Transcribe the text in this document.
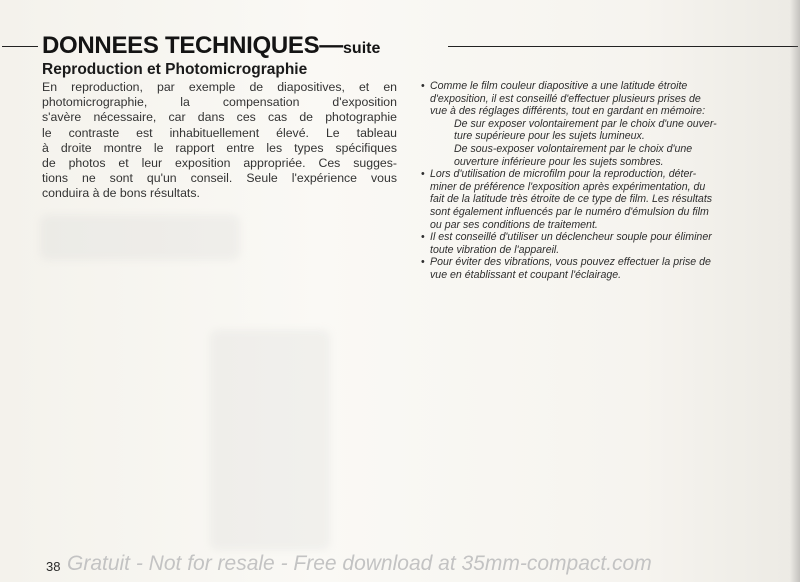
DONNEES TECHNIQUES—suite
Reproduction et Photomicrographie
En reproduction, par exemple de diapositives, et en
photomicrographie, la compensation d'exposition
s'avère nécessaire, car dans ces cas de photographie
le contraste est inhabituellement élevé. Le tableau
à droite montre le rapport entre les types spécifiques
de photos et leur exposition appropriée. Ces sugges-
tions ne sont qu'un conseil. Seule l'expérience vous
conduira à de bons résultats.
• Comme le film couleur diapositive a une latitude étroite
d'exposition, il est conseillé d'effectuer plusieurs prises de
vue à des réglages différents, tout en gardant en mémoire:
De sur exposer volontairement par le choix d'une ouver-
ture supérieure pour les sujets lumineux.
De sous-exposer volontairement par le choix d'une
ouverture inférieure pour les sujets sombres.
• Lors d'utilisation de microfilm pour la reproduction, déter-
miner de préférence l'exposition après expérimentation, du
fait de la latitude très étroite de ce type de film. Les résultats
sont également influencés par le numéro d'émulsion du film
ou par ses conditions de traitement.
• Il est conseillé d'utiliser un déclencheur souple pour éliminer
toute vibration de l'appareil.
• Pour éviter des vibrations, vous pouvez effectuer la prise de
vue en établissant et coupant l'éclairage.
38 Gratuit - Not for resale - Free download at 35mm-compact.com
